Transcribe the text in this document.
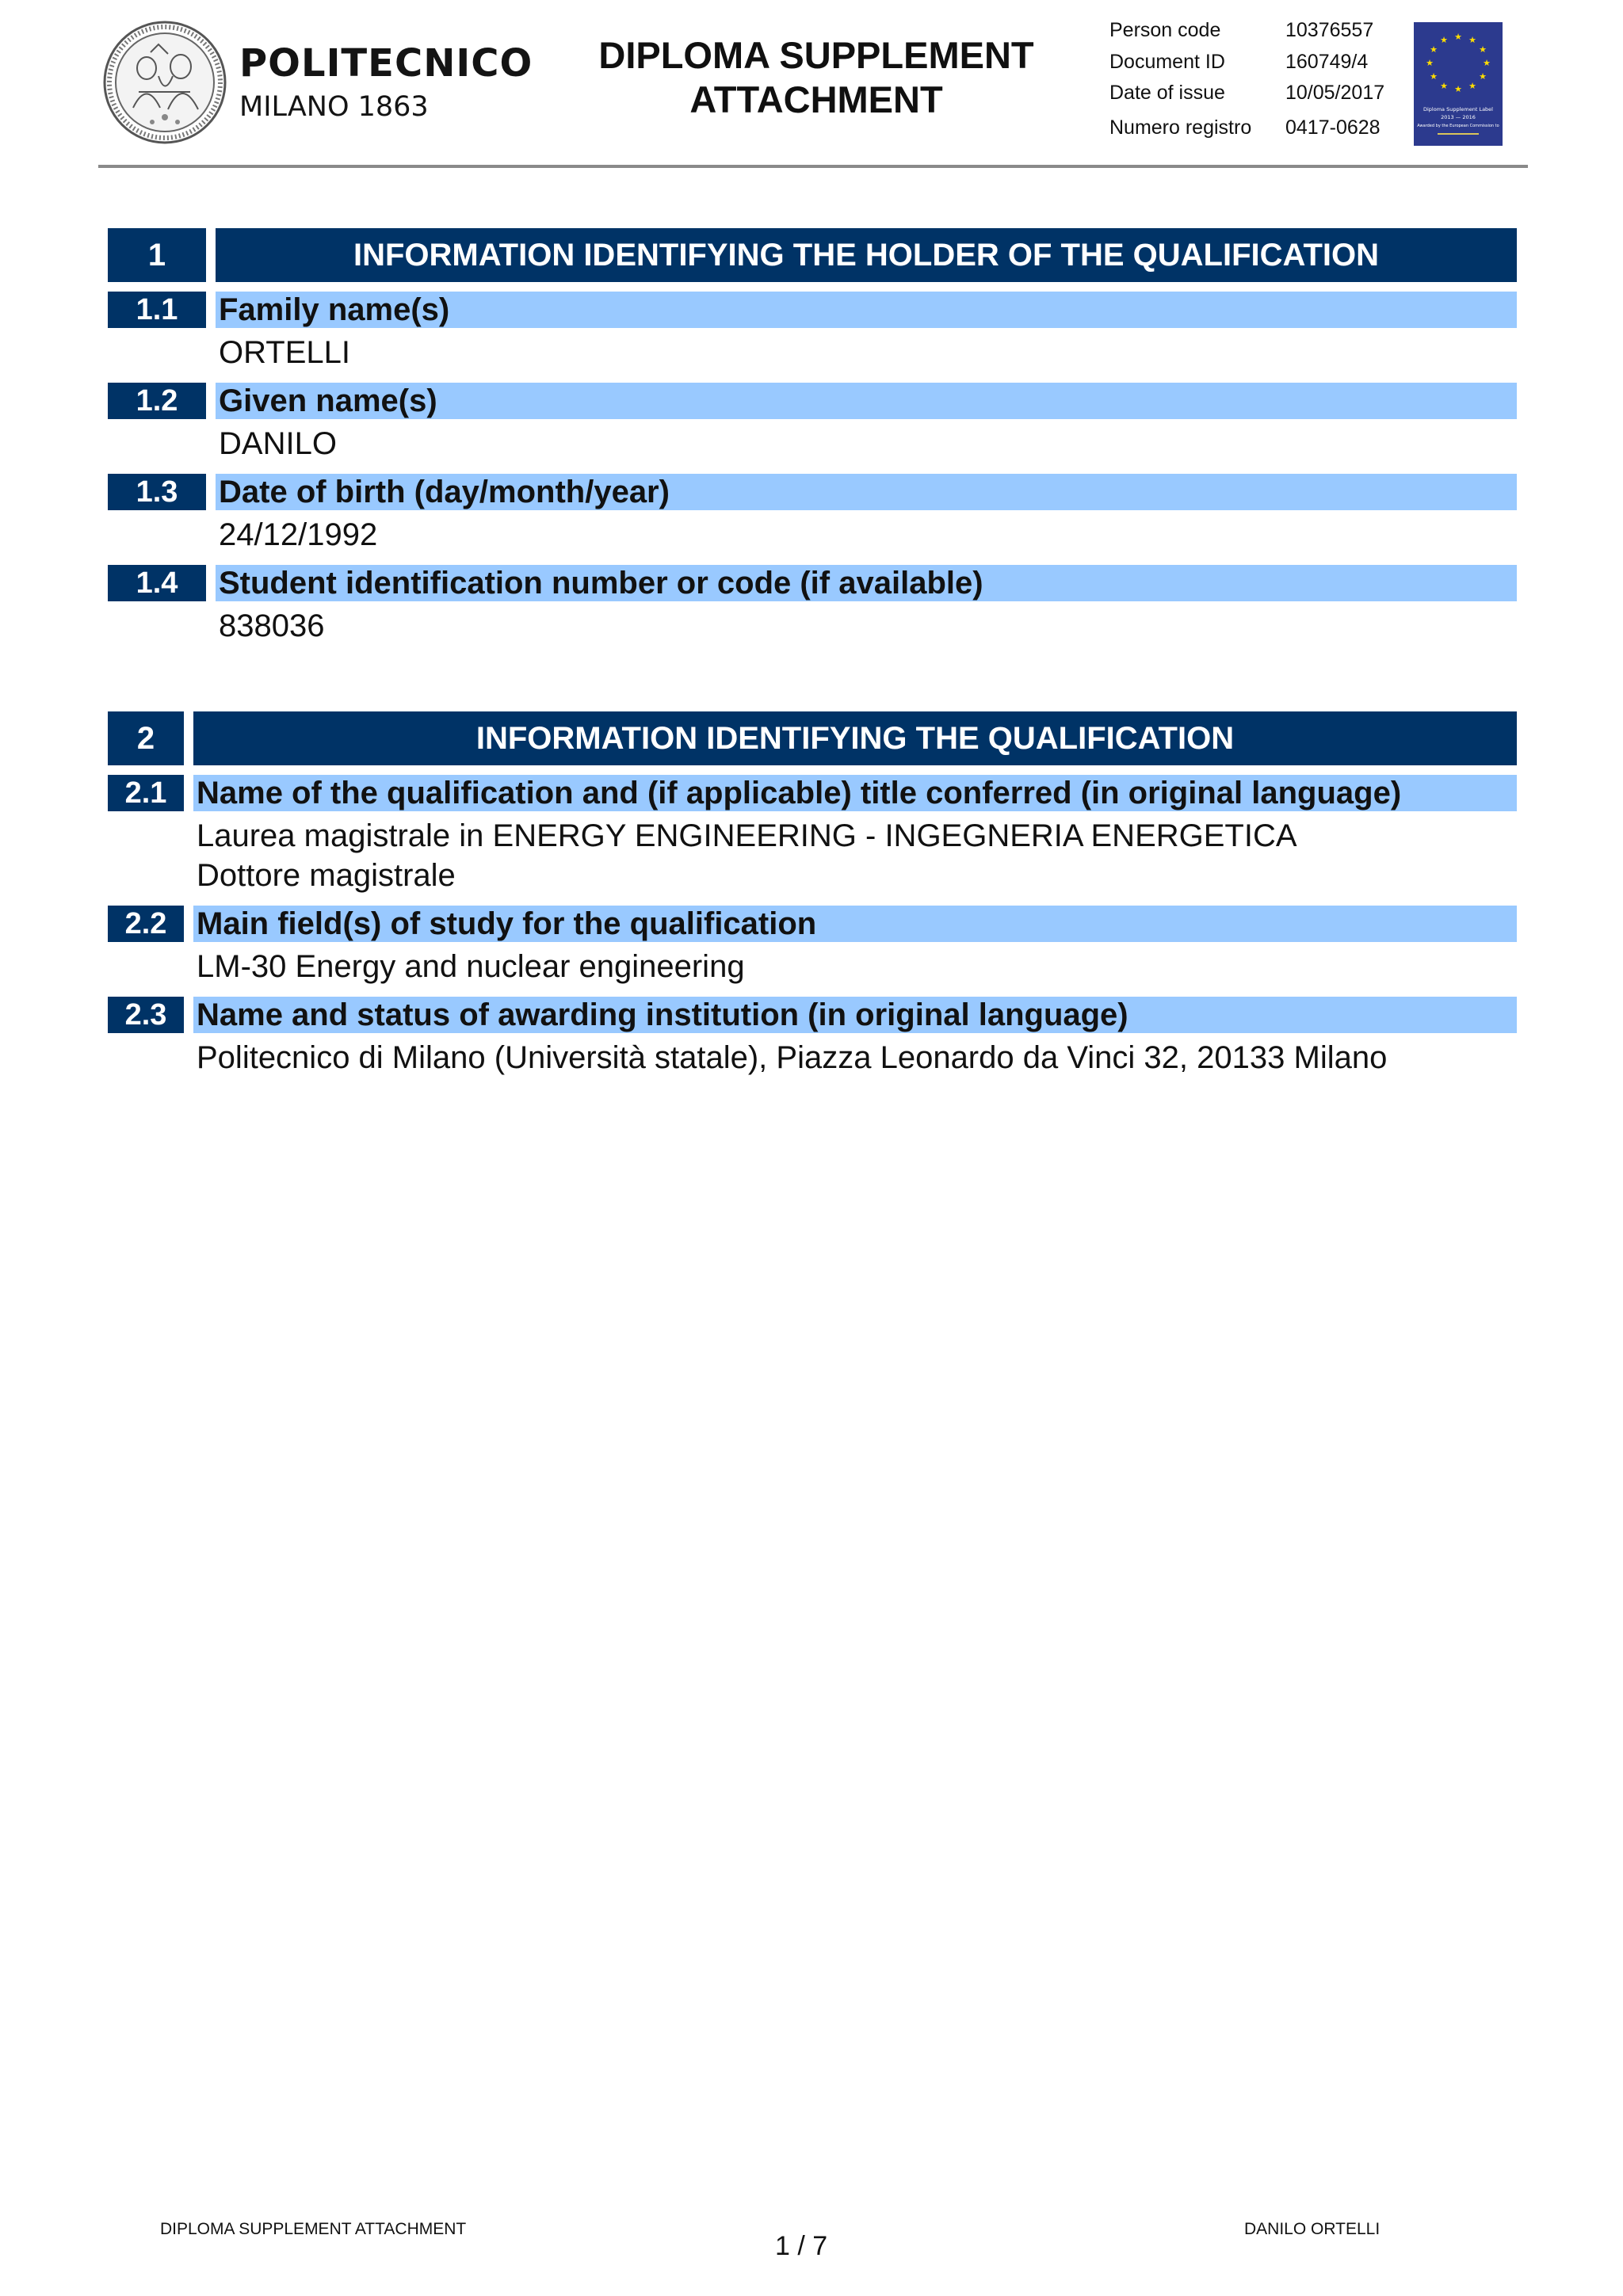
POLITECNICO
MILANO 1863
DIPLOMA SUPPLEMENT
ATTACHMENT
Person code	10376557
Document ID	160749/4
Date of issue	10/05/2017
Numero registro 0417-0628
★ ★
★
★
★
★
★
★
★
★
★
★
Diploma Supplement Label
2013 — 2016
Awarded by the European Commission to
1	INFORMATION IDENTIFYING THE HOLDER OF THE QUALIFICATION
1.1	Family name(s)
ORTELLI
1.2	Given name(s)
DANILO
1.3	Date of birth (day/month/year)
24/12/1992
1.4	Student identification number or code (if available)
838036
2	INFORMATION IDENTIFYING THE QUALIFICATION
2.1 Name of the qualification and (if applicable) title conferred (in original language)
Laurea magistrale in ENERGY ENGINEERING - INGEGNERIA ENERGETICA
Dottore magistrale
2.2 Main field(s) of study for the qualification
LM-30 Energy and nuclear engineering
2.3 Name and status of awarding institution (in original language)
Politecnico di Milano (Università statale), Piazza Leonardo da Vinci 32, 20133 Milano
DIPLOMA SUPPLEMENT ATTACHMENT
1 / 7
DANILO ORTELLI
